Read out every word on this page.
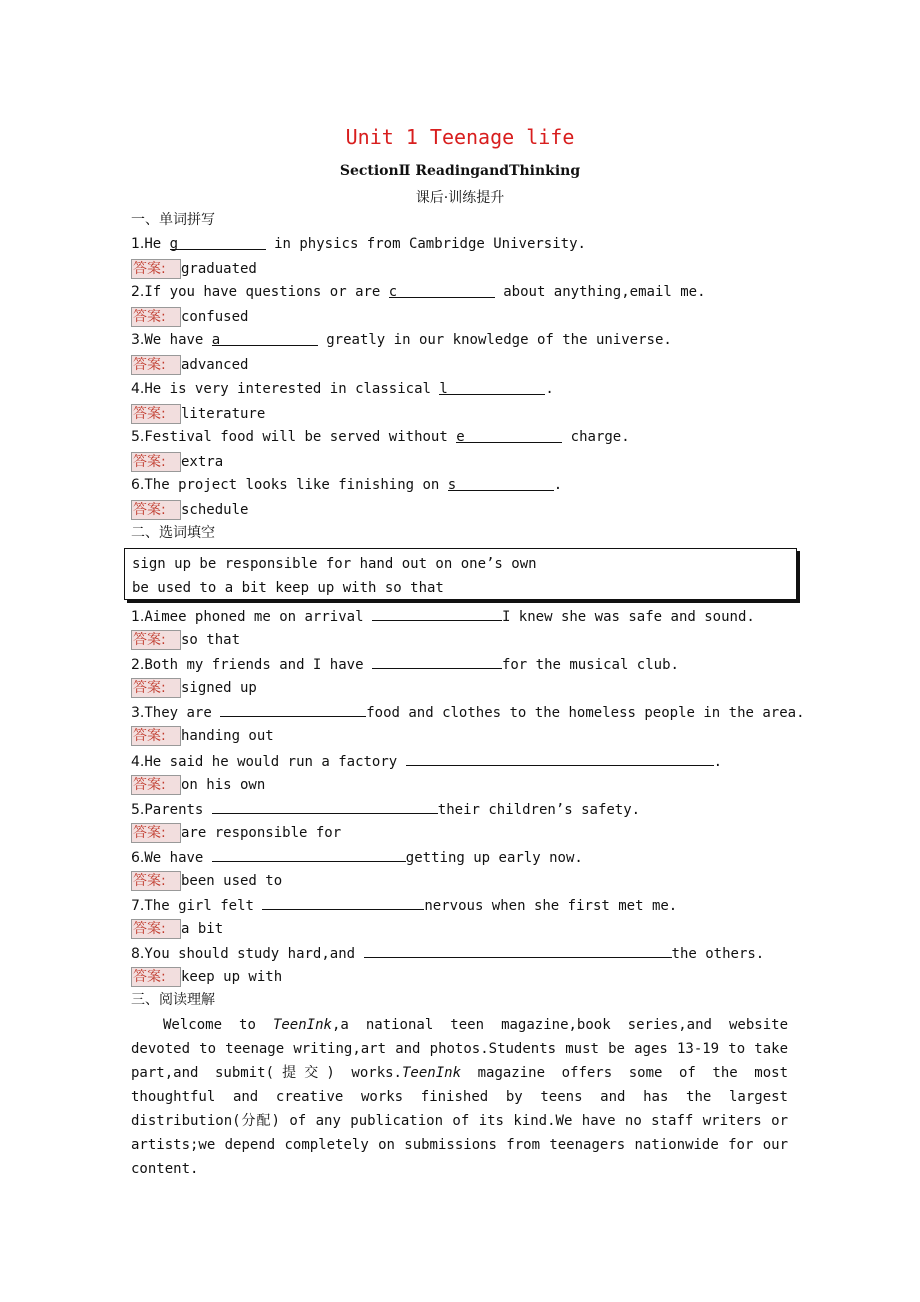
Unit 1 Teenage life
SectionⅡ ReadingandThinking
课后·训练提升
一、单词拼写
1.He g	in physics from Cambridge University.
答案: graduated
2.If you have questions or are c	about anything,email me.
答案: confused
3.We have a	greatly in our knowledge of the universe.
答案: advanced
4.He is very interested in classical l	.
答案: literature
5.Festival food will be served without e	charge.
答案: extra
6.The project looks like finishing on s	.
答案: schedule
二、选词填空
sign up be responsible for hand out on one’s own
be used to a bit keep up with so that
1.Aimee phoned me on arrival	I knew she was safe and sound.
答案: so that
2.Both my friends and I have	for the musical club.
答案: signed up
3.They are	food and clothes to the homeless people in the area.
答案: handing out
4.He said he would run a factory	.
答案: on his own
5.Parents	their children’s safety.
答案: are responsible for
6.We have	getting up early now.
答案: been used to
7.The girl felt	nervous when she first met me.
答案: a bit
8.You should study hard,and	the others.
答案: keep up with
三、阅读理解
Welcome to TeenInk,a national teen magazine,book series,and website devoted to teenage writing,art and photos.Students must be ages 13-19 to take part,and submit(提交) works.TeenInk magazine offers some of the most thoughtful and creative works finished by teens and has the largest distribution(分配) of any publication of its kind.We have no staff writers or artists;we depend completely on submissions from teenagers nationwide for our content.
